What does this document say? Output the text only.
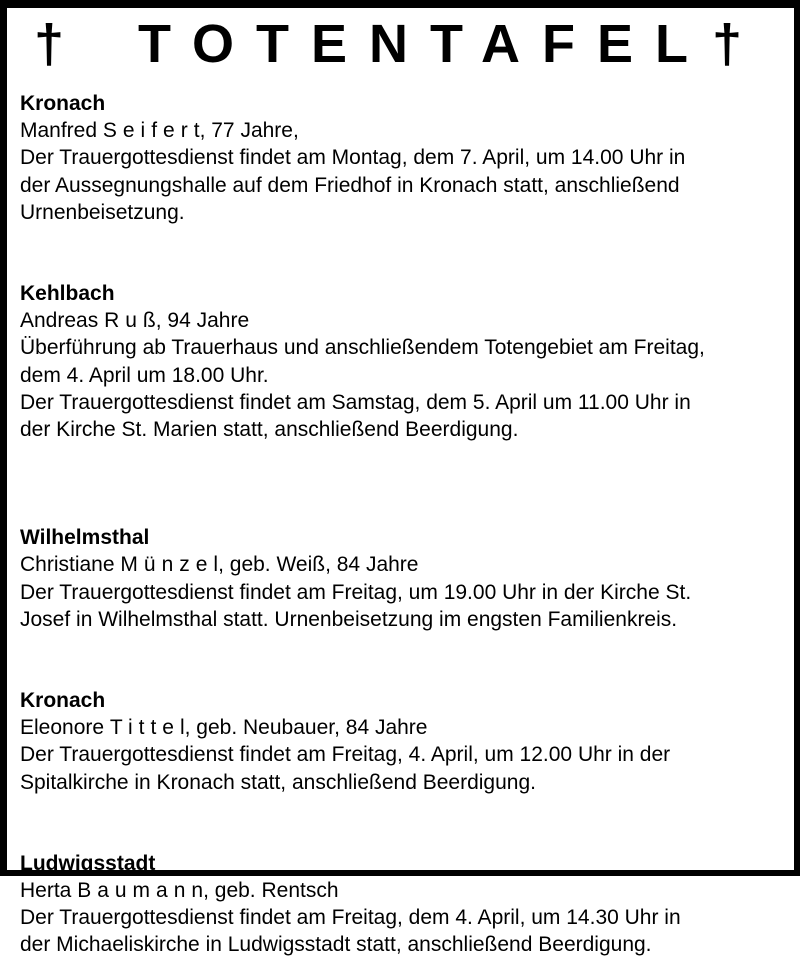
† TOTENTAFEL †
Kronach
Manfred Seifert, 77 Jahre,
Der Trauergottesdienst findet am Montag, dem 7. April, um 14.00 Uhr in
der Aussegnungshalle auf dem Friedhof in Kronach statt, anschließend
Urnenbeisetzung.
Kehlbach
Andreas Ruß, 94 Jahre
Überführung ab Trauerhaus und anschließendem Totengebiet am Freitag,
dem 4. April um 18.00 Uhr.
Der Trauergottesdienst findet am Samstag, dem 5. April um 11.00 Uhr in
der Kirche St. Marien statt, anschließend Beerdigung.
Wilhelmsthal
Christiane Münzel, geb. Weiß, 84 Jahre
Der Trauergottesdienst findet am Freitag, um 19.00 Uhr in der Kirche St.
Josef in Wilhelmsthal statt. Urnenbeisetzung im engsten Familienkreis.
Kronach
Eleonore Tittel, geb. Neubauer, 84 Jahre
Der Trauergottesdienst findet am Freitag, 4. April, um 12.00 Uhr in der
Spitalkirche in Kronach statt, anschließend Beerdigung.
Ludwigsstadt
Herta Baumann, geb. Rentsch
Der Trauergottesdienst findet am Freitag, dem 4. April, um 14.30 Uhr in
der Michaeliskirche in Ludwigsstadt statt, anschließend Beerdigung.
